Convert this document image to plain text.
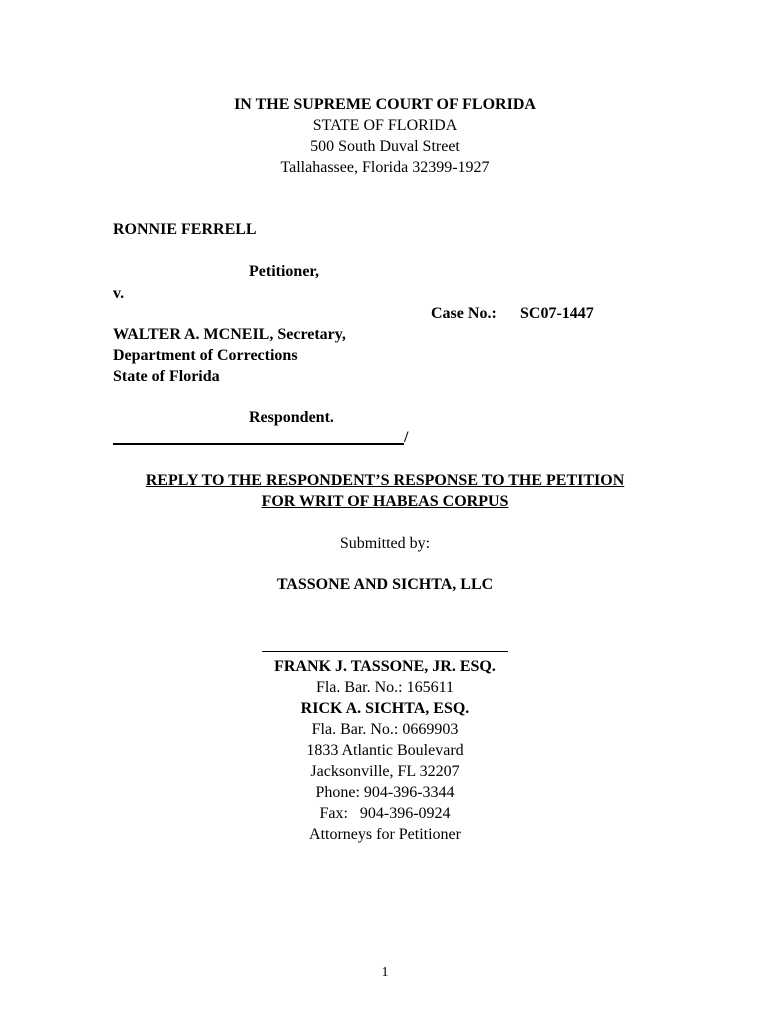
IN THE SUPREME COURT OF FLORIDA
STATE OF FLORIDA
500 South Duval Street
Tallahassee, Florida 32399-1927
RONNIE FERRELL
Petitioner,
v.
Case No.: SC07-1447
WALTER A. MCNEIL, Secretary,
Department of Corrections
State of Florida
Respondent.
/
REPLY TO THE RESPONDENT’S RESPONSE TO THE PETITION
FOR WRIT OF HABEAS CORPUS
Submitted by:
TASSONE AND SICHTA, LLC
FRANK J. TASSONE, JR. ESQ.
Fla. Bar. No.: 165611
RICK A. SICHTA, ESQ.
Fla. Bar. No.: 0669903
1833 Atlantic Boulevard
Jacksonville, FL 32207
Phone: 904-396-3344
Fax:   904-396-0924
Attorneys for Petitioner
1
